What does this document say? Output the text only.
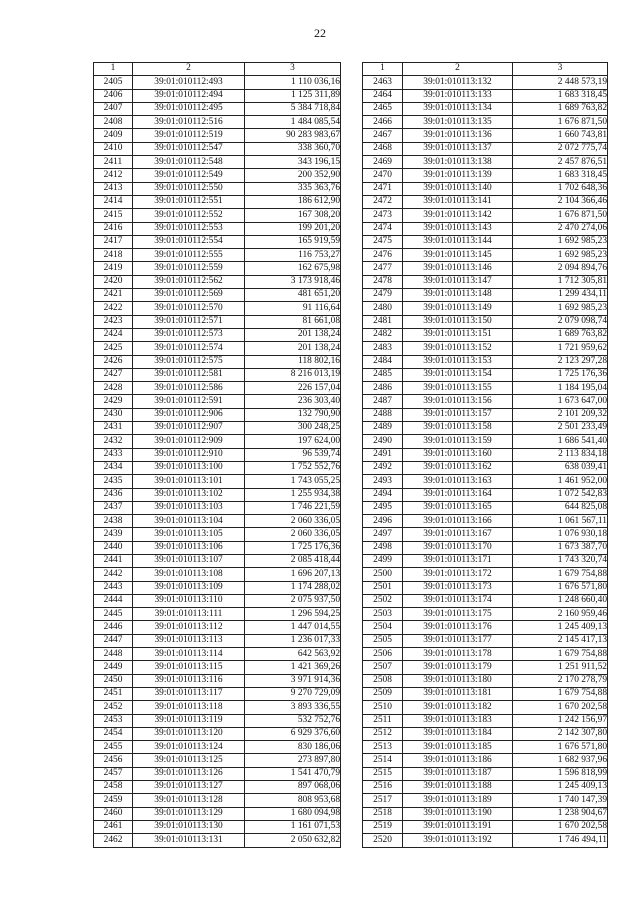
22
1	2	3
2405	39:01:010112:493	1 110 036,16
2406	39:01:010112:494	1 125 311,89
2407	39:01:010112:495	5 384 718,84
2408	39:01:010112:516	1 484 085,54
2409	39:01:010112:519	90 283 983,67
2410	39:01:010112:547	338 360,70
2411	39:01:010112:548	343 196,15
2412	39:01:010112:549	200 352,90
2413	39:01:010112:550	335 363,76
2414	39:01:010112:551	186 612,90
2415	39:01:010112:552	167 308,20
2416	39:01:010112:553	199 201,20
2417	39:01:010112:554	165 919,59
2418	39:01:010112:555	116 753,27
2419	39:01:010112:559	162 675,98
2420	39:01:010112:562	3 173 918,46
2421	39:01:010112:569	481 651,20
2422	39:01:010112:570	91 116,64
2423	39:01:010112:571	81 661,08
2424	39:01:010112:573	201 138,24
2425	39:01:010112:574	201 138,24
2426	39:01:010112:575	118 802,16
2427	39:01:010112:581	8 216 013,19
2428	39:01:010112:586	226 157,04
2429	39:01:010112:591	236 303,40
2430	39:01:010112:906	132 790,90
2431	39:01:010112:907	300 248,25
2432	39:01:010112:909	197 624,00
2433	39:01:010112:910	96 539,74
2434	39:01:010113:100	1 752 552,76
2435	39:01:010113:101	1 743 055,25
2436	39:01:010113:102	1 255 934,38
2437	39:01:010113:103	1 746 221,59
2438	39:01:010113:104	2 060 336,05
2439	39:01:010113:105	2 060 336,05
2440	39:01:010113:106	1 725 176,36
2441	39:01:010113:107	2 085 418,44
2442	39:01:010113:108	1 696 207,13
2443	39:01:010113:109	1 174 288,02
2444	39:01:010113:110	2 075 937,50
2445	39:01:010113:111	1 296 594,25
2446	39:01:010113:112	1 447 014,55
2447	39:01:010113:113	1 236 017,33
2448	39:01:010113:114	642 563,92
2449	39:01:010113:115	1 421 369,26
2450	39:01:010113:116	3 971 914,36
2451	39:01:010113:117	9 270 729,09
2452	39:01:010113:118	3 893 336,55
2453	39:01:010113:119	532 752,76
2454	39:01:010113:120	6 929 376,60
2455	39:01:010113:124	830 186,06
2456	39:01:010113:125	273 897,80
2457	39:01:010113:126	1 541 470,79
2458	39:01:010113:127	897 068,06
2459	39:01:010113:128	808 953,68
2460	39:01:010113:129	1 680 094,98
2461	39:01:010113:130	1 161 071,53
2462	39:01:010113:131	2 050 632,82
1	2	3
2463	39:01:010113:132	2 448 573,19
2464	39:01:010113:133	1 683 318,45
2465	39:01:010113:134	1 689 763,82
2466	39:01:010113:135	1 676 871,50
2467	39:01:010113:136	1 660 743,81
2468	39:01:010113:137	2 072 775,74
2469	39:01:010113:138	2 457 876,51
2470	39:01:010113:139	1 683 318,45
2471	39:01:010113:140	1 702 648,36
2472	39:01:010113:141	2 104 366,46
2473	39:01:010113:142	1 676 871,50
2474	39:01:010113:143	2 470 274,06
2475	39:01:010113:144	1 692 985,23
2476	39:01:010113:145	1 692 985,23
2477	39:01:010113:146	2 094 894,76
2478	39:01:010113:147	1 712 305,81
2479	39:01:010113:148	1 299 434,11
2480	39:01:010113:149	1 692 985,23
2481	39:01:010113:150	2 079 098,74
2482	39:01:010113:151	1 689 763,82
2483	39:01:010113:152	1 721 959,62
2484	39:01:010113:153	2 123 297,28
2485	39:01:010113:154	1 725 176,36
2486	39:01:010113:155	1 184 195,04
2487	39:01:010113:156	1 673 647,00
2488	39:01:010113:157	2 101 209,32
2489	39:01:010113:158	2 501 233,49
2490	39:01:010113:159	1 686 541,40
2491	39:01:010113:160	2 113 834,18
2492	39:01:010113:162	638 039,41
2493	39:01:010113:163	1 461 952,00
2494	39:01:010113:164	1 072 542,83
2495	39:01:010113:165	644 825,08
2496	39:01:010113:166	1 061 567,11
2497	39:01:010113:167	1 076 930,18
2498	39:01:010113:170	1 673 387,70
2499	39:01:010113:171	1 743 320,74
2500	39:01:010113:172	1 679 754,88
2501	39:01:010113:173	1 676 571,80
2502	39:01:010113:174	1 248 660,40
2503	39:01:010113:175	2 160 959,46
2504	39:01:010113:176	1 245 409,13
2505	39:01:010113:177	2 145 417,13
2506	39:01:010113:178	1 679 754,88
2507	39:01:010113:179	1 251 911,52
2508	39:01:010113:180	2 170 278,79
2509	39:01:010113:181	1 679 754,88
2510	39:01:010113:182	1 670 202,58
2511	39:01:010113:183	1 242 156,97
2512	39:01:010113:184	2 142 307,80
2513	39:01:010113:185	1 676 571,80
2514	39:01:010113:186	1 682 937,96
2515	39:01:010113:187	1 596 818,99
2516	39:01:010113:188	1 245 409,13
2517	39:01:010113:189	1 740 147,39
2518	39:01:010113:190	1 238 904,67
2519	39:01:010113:191	1 670 202,58
2520	39:01:010113:192	1 746 494,11
